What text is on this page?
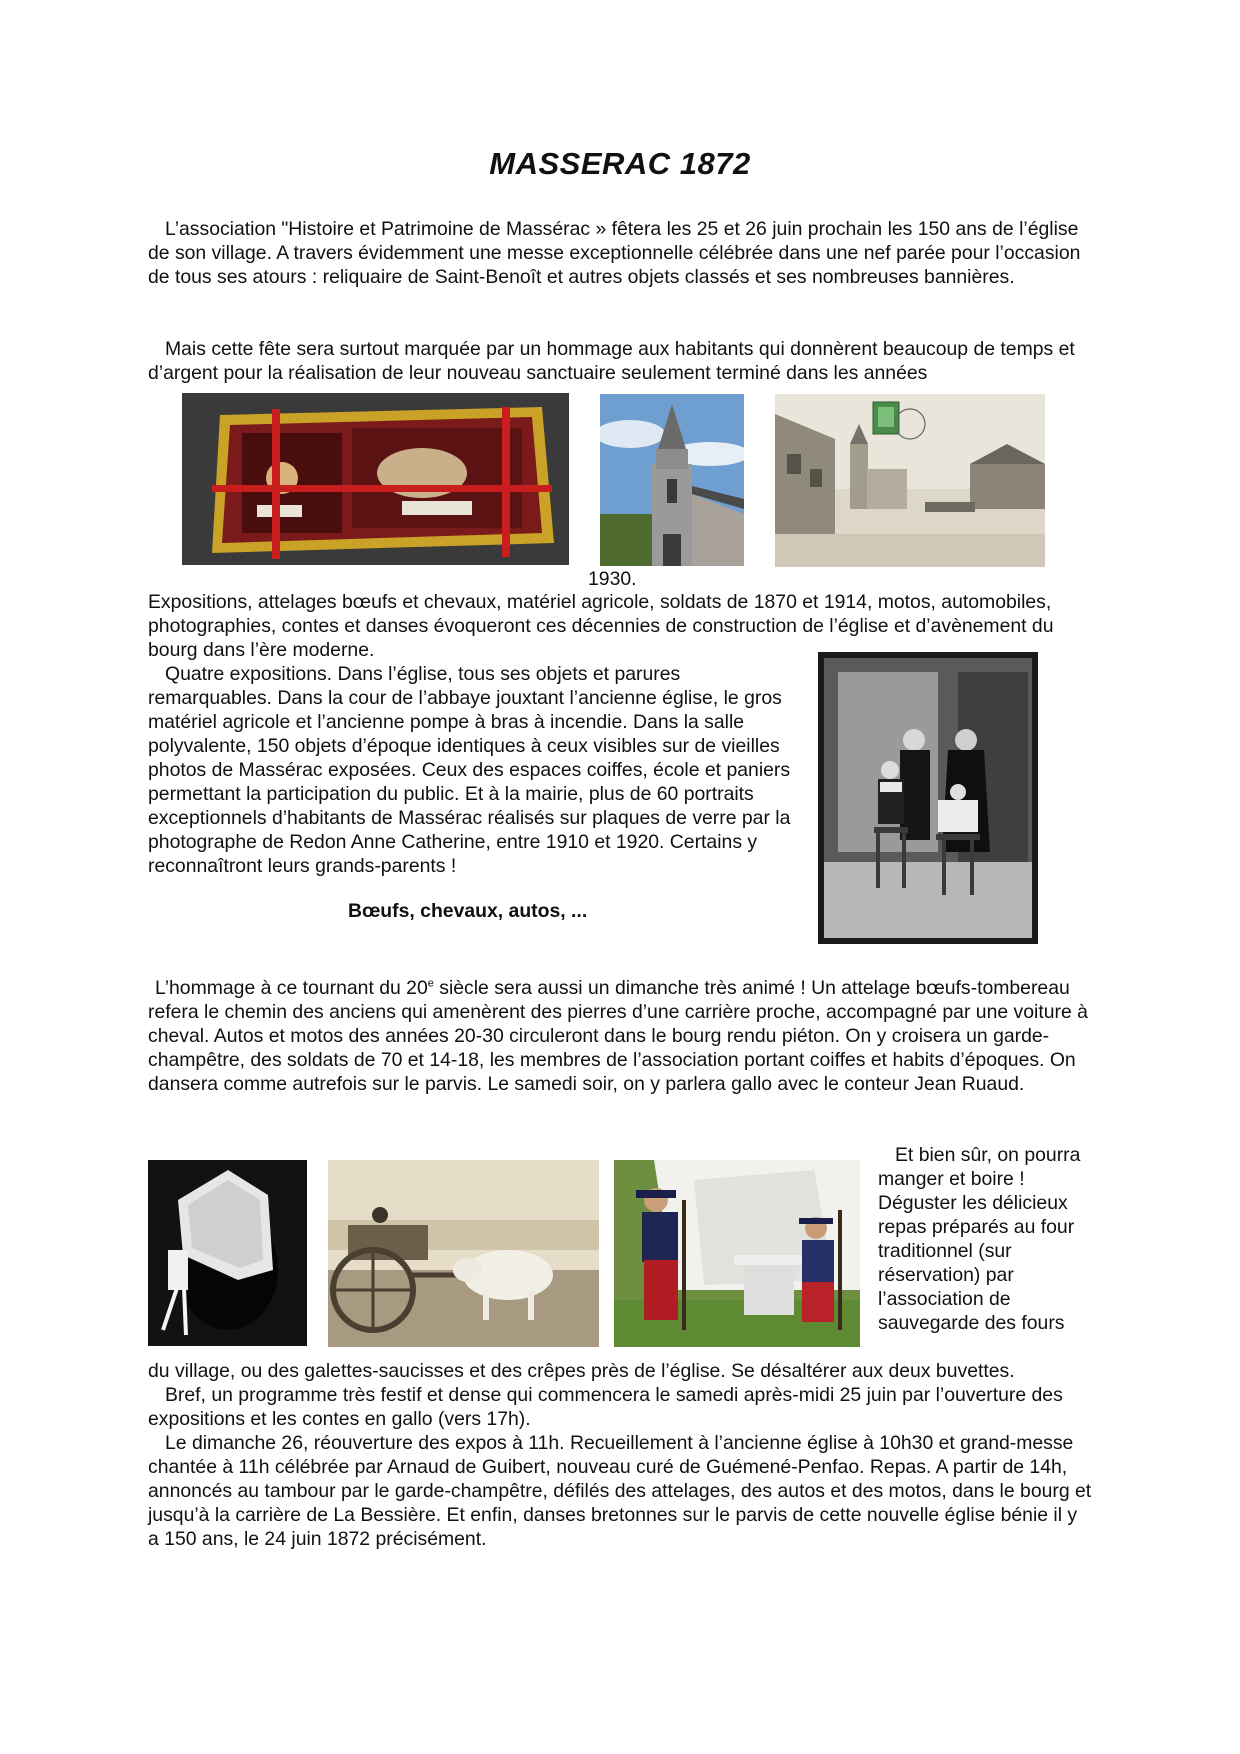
MASSERAC 1872

L’association "Histoire et Patrimoine de Massérac » fêtera les 25 et 26 juin prochain les 150 ans de l’église de son village. A travers évidemment une messe exceptionnelle célébrée dans une nef parée pour l’occasion de tous ses atours : reliquaire de Saint-Benoît et autres objets classés et ses nombreuses bannières.

Mais cette fête sera surtout marquée par un hommage aux habitants qui donnèrent beaucoup de temps et d’argent pour la réalisation de leur nouveau sanctuaire seulement terminé dans les années

1930.

Expositions, attelages bœufs et chevaux, matériel agricole, soldats de 1870 et 1914, motos, automobiles, photographies, contes et danses évoqueront ces décennies de construction de l’église et d’avènement du bourg dans l’ère moderne.

Quatre expositions. Dans l’église, tous ses objets et parures remarquables. Dans la cour de l’abbaye jouxtant l’ancienne église, le gros matériel agricole et l’ancienne pompe à bras à incendie. Dans la salle polyvalente, 150 objets d’époque identiques à ceux visibles sur de vieilles photos de Massérac exposées. Ceux des espaces coiffes, école et paniers permettant la participation du public. Et à la mairie, plus de 60 portraits exceptionnels d’habitants de Massérac réalisés sur plaques de verre par la photographe de Redon Anne Catherine, entre 1910 et 1920. Certains y reconnaîtront leurs grands-parents !

Bœufs, chevaux, autos, ...

L’hommage à ce tournant du 20e siècle sera aussi un dimanche très animé ! Un attelage bœufs-tombereau refera le chemin des anciens qui amenèrent des pierres d’une carrière proche, accompagné par une voiture à cheval. Autos et motos des années 20-30 circuleront dans le bourg rendu piéton. On y croisera un garde-champêtre, des soldats de 70 et 14-18, les membres de l’association portant coiffes et habits d’époques. On dansera comme autrefois sur le parvis. Le samedi soir, on y parlera gallo avec le conteur Jean Ruaud.

Et bien sûr, on pourra manger et boire ! Déguster les délicieux repas préparés au four traditionnel (sur réservation) par l’association de sauvegarde des fours

du village, ou des galettes-saucisses et des crêpes près de l’église. Se désaltérer aux deux buvettes.

Bref, un programme très festif et dense qui commencera le samedi après-midi 25 juin par l’ouverture des expositions et les contes en gallo (vers 17h).

Le dimanche 26, réouverture des expos à 11h. Recueillement à l’ancienne église à 10h30 et grand-messe chantée à 11h célébrée par Arnaud de Guibert, nouveau curé de Guémené-Penfao. Repas. A partir de 14h, annoncés au tambour par le garde-champêtre, défilés des attelages, des autos et des motos, dans le bourg et jusqu’à la carrière de La Bessière. Et enfin, danses bretonnes sur le parvis de cette nouvelle église bénie il y a 150 ans, le 24 juin 1872 précisément.
